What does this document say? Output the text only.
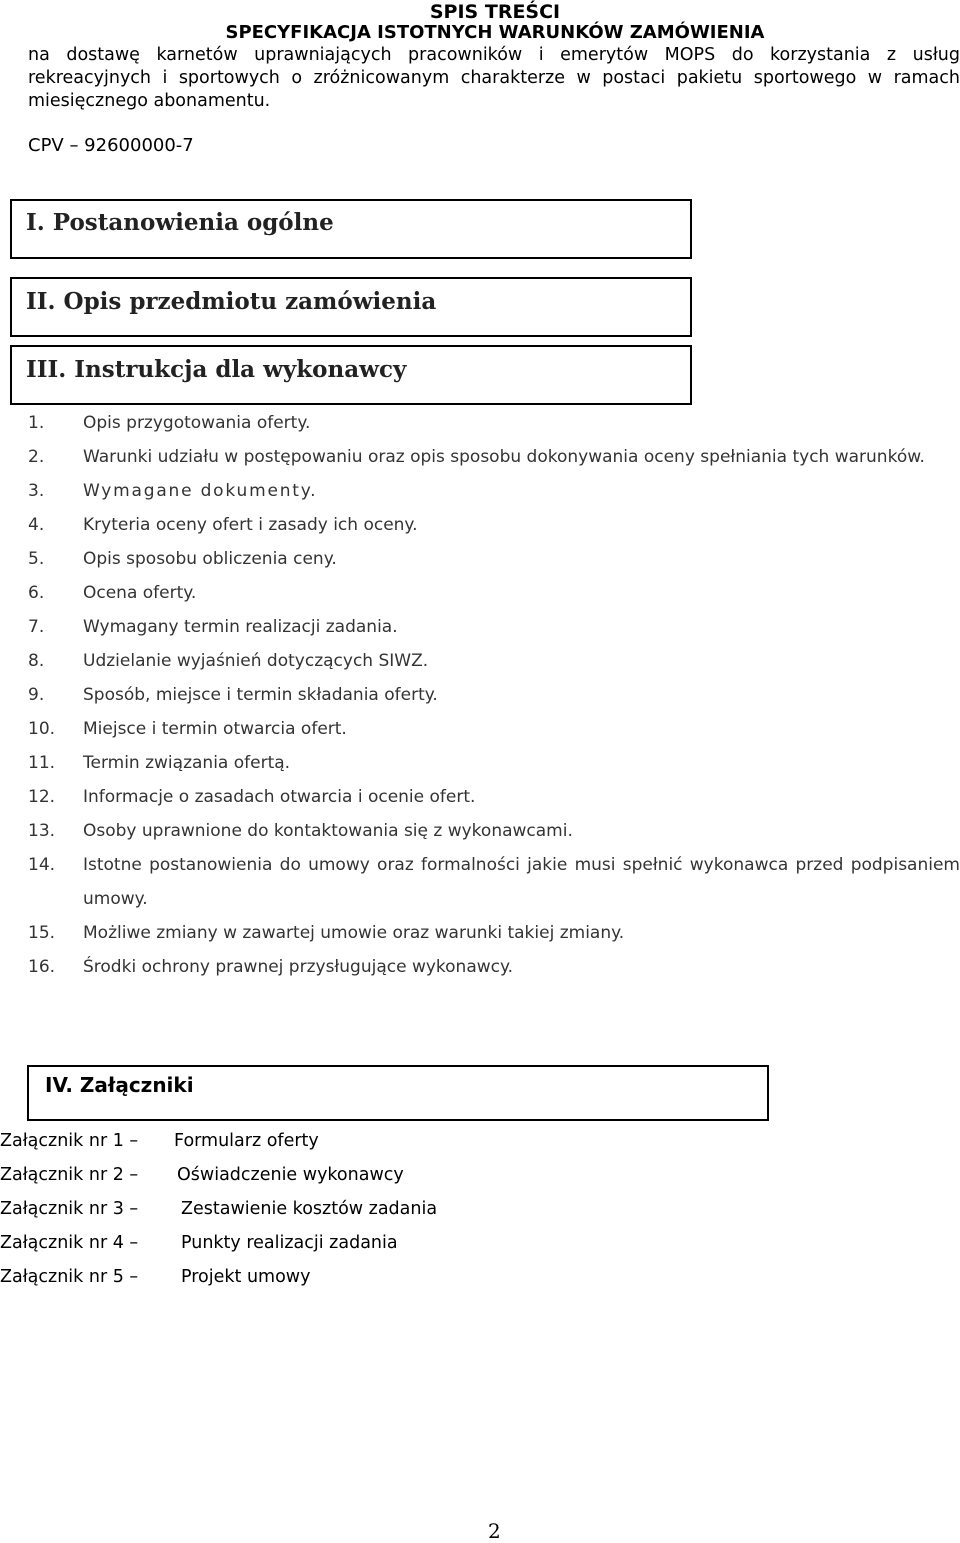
SPIS TREŚCI
SPECYFIKACJA ISTOTNYCH WARUNKÓW ZAMÓWIENIA
na dostawę karnetów uprawniających pracowników i emerytów MOPS do korzystania z usług rekreacyjnych i sportowych o zróżnicowanym charakterze w postaci pakietu sportowego w ramach miesięcznego abonamentu.
CPV – 92600000-7
I. Postanowienia ogólne
II. Opis przedmiotu zamówienia
III. Instrukcja dla wykonawcy
1.	Opis przygotowania oferty.
2.	Warunki udziału w postępowaniu oraz opis sposobu dokonywania oceny spełniania tych warunków.
3.	Wymagane dokumenty.
4.	Kryteria oceny ofert i zasady ich oceny.
5.	Opis sposobu obliczenia ceny.
6.	Ocena oferty.
7.	Wymagany termin realizacji zadania.
8.	Udzielanie wyjaśnień dotyczących SIWZ.
9.	Sposób, miejsce i termin składania oferty.
10.	Miejsce i termin otwarcia ofert.
11.	Termin związania ofertą.
12.	Informacje o zasadach otwarcia i ocenie ofert.
13.	Osoby uprawnione do kontaktowania się z wykonawcami.
14.	Istotne postanowienia do umowy oraz formalności jakie musi spełnić wykonawca przed podpisaniem umowy.
15.	Możliwe zmiany w zawartej umowie oraz warunki takiej zmiany.
16.	Środki ochrony prawnej przysługujące wykonawcy.
IV. Załączniki
Załącznik nr 1 –	Formularz oferty
Załącznik nr 2 –	Oświadczenie wykonawcy
Załącznik nr 3 –	Zestawienie kosztów zadania
Załącznik nr 4 –	Punkty realizacji zadania
Załącznik nr 5 –	Projekt umowy
2
